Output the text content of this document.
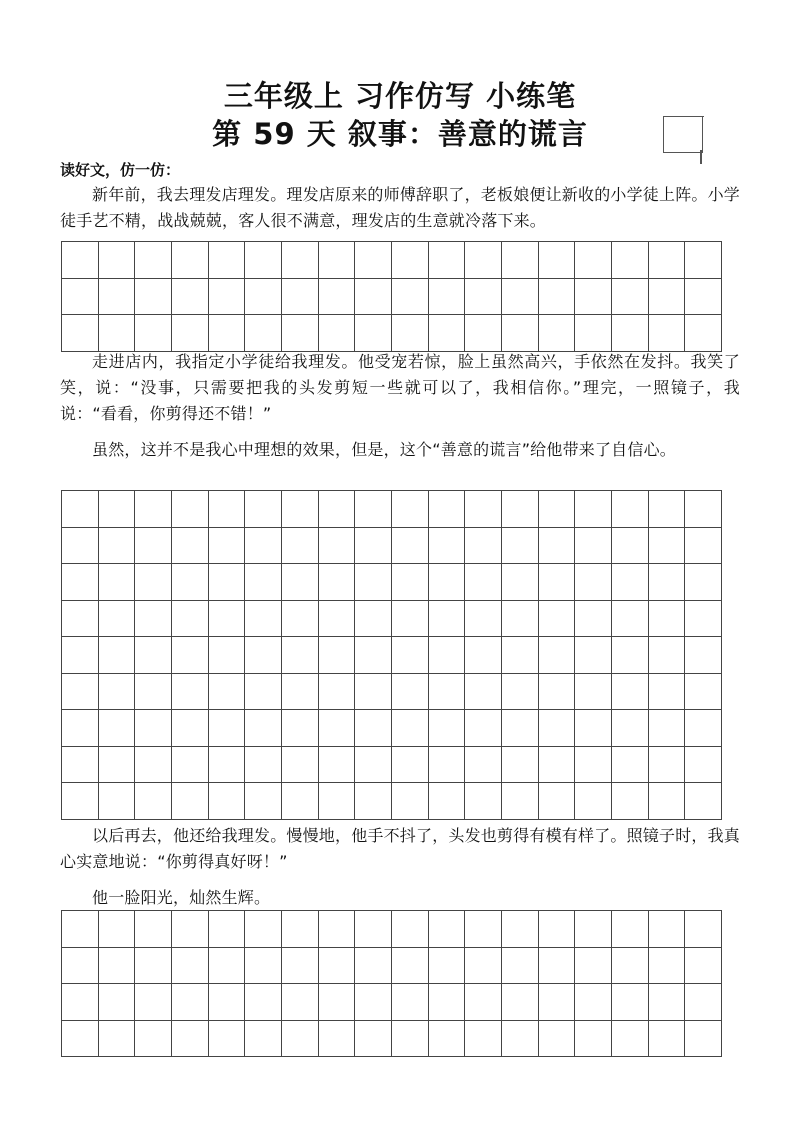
三年级上 习作仿写 小练笔
第 59 天 叙事：善意的谎言
读好文，仿一仿：

新年前，我去理发店理发。理发店原来的师傅辞职了，老板娘便让新收的小学徒上阵。小学徒手艺不精，战战兢兢，客人很不满意，理发店的生意就冷落下来。

走进店内，我指定小学徒给我理发。他受宠若惊，脸上虽然高兴，手依然在发抖。我笑了笑，说：“没事，只需要把我的头发剪短一些就可以了，我相信你。”理完，一照镜子，我说：“看看，你剪得还不错！”

虽然，这并不是我心中理想的效果，但是，这个“善意的谎言”给他带来了自信心。

以后再去，他还给我理发。慢慢地，他手不抖了，头发也剪得有模有样了。照镜子时，我真心实意地说：“你剪得真好呀！”

他一脸阳光，灿然生辉。
